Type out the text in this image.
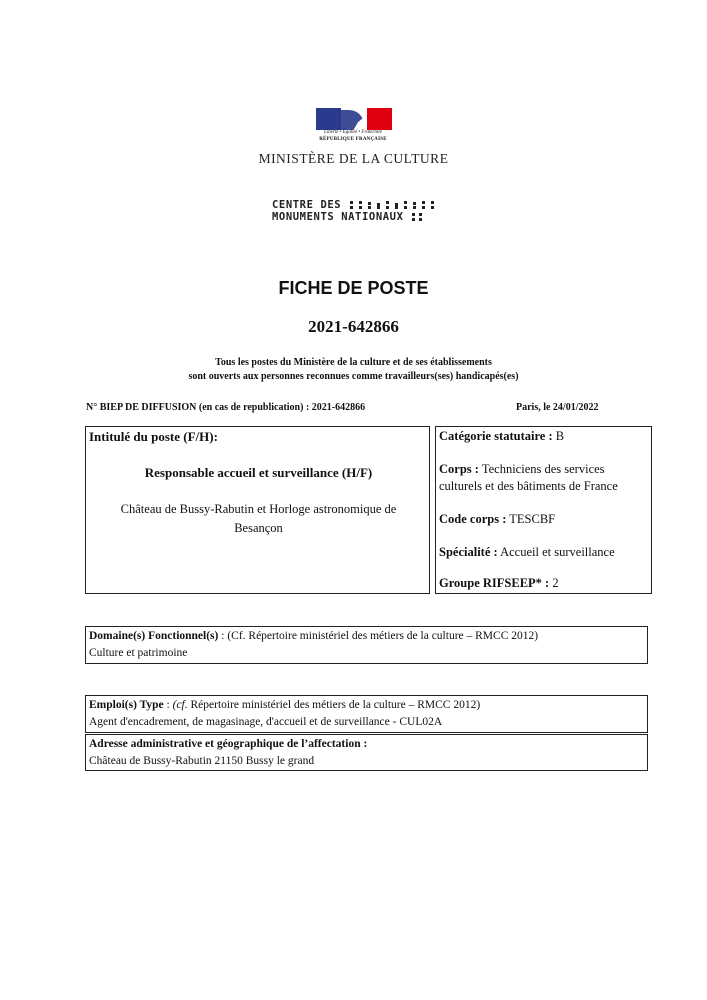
Liberté • Égalité • Fraternité
RÉPUBLIQUE FRANÇAISE
MINISTÈRE DE LA CULTURE
CENTRE DES
MONUMENTS NATIONAUX
FICHE DE POSTE
2021-642866
Tous les postes du Ministère de la culture et de ses établissements
sont ouverts aux personnes reconnues comme travailleurs(ses) handicapés(es)
N° BIEP DE DIFFUSION (en cas de republication) : 2021-642866	Paris, le 24/01/2022
Intitulé du poste (F/H):
Responsable accueil et surveillance (H/F)
Château de Bussy-Rabutin et Horloge astronomique de Besançon
Catégorie statutaire : B
Corps : Techniciens des services
culturels et des bâtiments de France
Code corps : TESCBF
Spécialité : Accueil et surveillance
Groupe RIFSEEP* : 2
Domaine(s) Fonctionnel(s) : (Cf. Répertoire ministériel des métiers de la culture – RMCC 2012)
Culture et patrimoine
Emploi(s) Type : (cf. Répertoire ministériel des métiers de la culture – RMCC 2012)
Agent d'encadrement, de magasinage, d'accueil et de surveillance - CUL02A
Adresse administrative et géographique de l’affectation :
Château de Bussy-Rabutin 21150 Bussy le grand
